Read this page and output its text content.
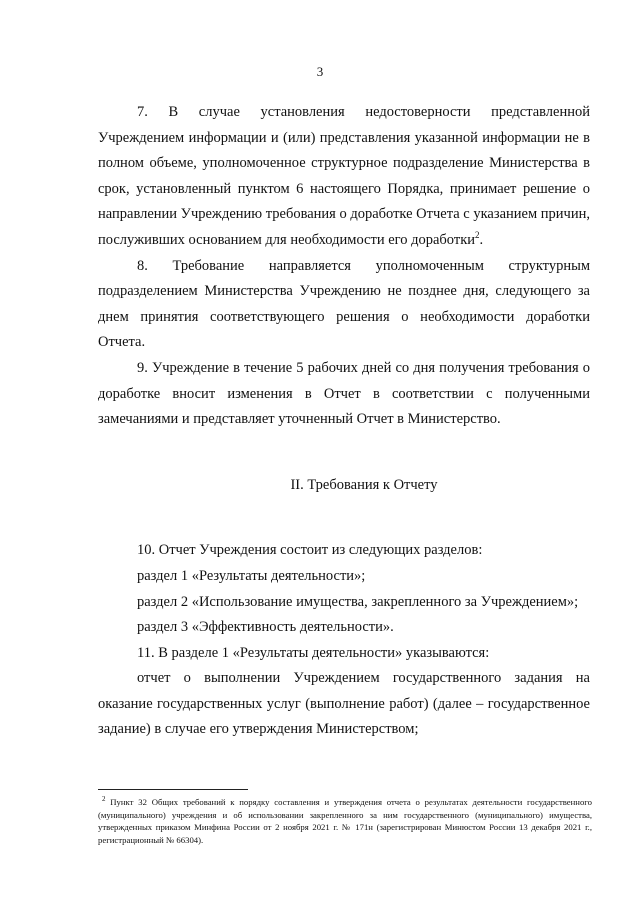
3

7. В случае установления недостоверности представленной Учреждением информации и (или) представления указанной информации не в полном объеме, уполномоченное структурное подразделение Министерства в срок, установленный пунктом 6 настоящего Порядка, принимает решение о направлении Учреждению требования о доработке Отчета с указанием причин, послуживших основанием для необходимости его доработки$^2$.

8. Требование направляется уполномоченным структурным подразделением Министерства Учреждению не позднее дня, следующего за днем принятия соответствующего решения о необходимости доработки Отчета.

9. Учреждение в течение 5 рабочих дней со дня получения требования о доработке вносит изменения в Отчет в соответствии с полученными замечаниями и представляет уточненный Отчет в Министерство.

II. Требования к Отчету

10. Отчет Учреждения состоит из следующих разделов:

раздел 1 «Результаты деятельности»;

раздел 2 «Использование имущества, закрепленного за Учреждением»;

раздел 3 «Эффективность деятельности».

11. В разделе 1 «Результаты деятельности» указываются:

отчет о выполнении Учреждением государственного задания на оказание государственных услуг (выполнение работ) (далее – государственное задание) в случае его утверждения Министерством;

$^2$ Пункт 32 Общих требований к порядку составления и утверждения отчета о результатах деятельности государственного (муниципального) учреждения и об использовании закрепленного за ним государственного (муниципального) имущества, утвержденных приказом Минфина России от 2 ноября 2021 г. № 171н (зарегистрирован Минюстом России 13 декабря 2021 г., регистрационный № 66304).
